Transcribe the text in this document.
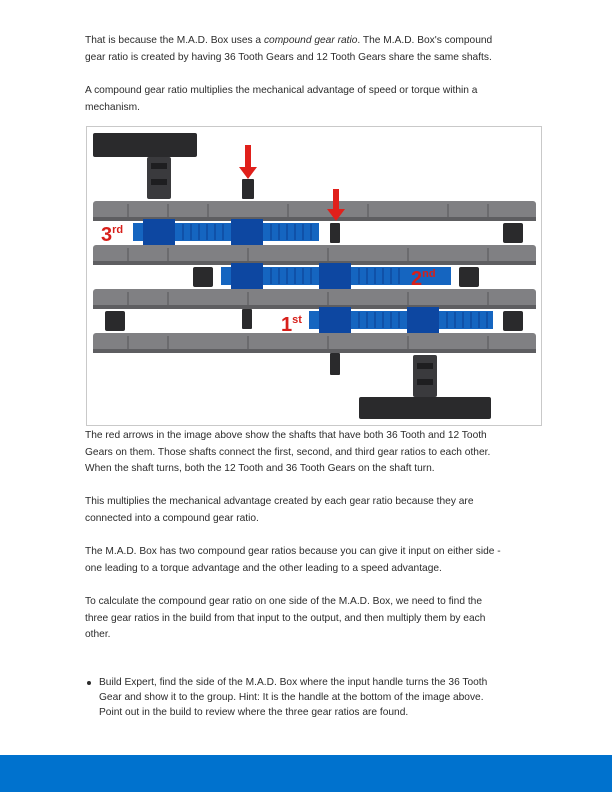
That is because the M.A.D. Box uses a compound gear ratio. The M.A.D. Box's compound
gear ratio is created by having 36 Tooth Gears and 12 Tooth Gears share the same shafts.

A compound gear ratio multiplies the mechanical advantage of speed or torque within a
mechanism.

3rd
2nd
1st

The red arrows in the image above show the shafts that have both 36 Tooth and 12 Tooth
Gears on them. Those shafts connect the first, second, and third gear ratios to each other.
When the shaft turns, both the 12 Tooth and 36 Tooth Gears on the shaft turn.

This multiplies the mechanical advantage created by each gear ratio because they are
connected into a compound gear ratio.

The M.A.D. Box has two compound gear ratios because you can give it input on either side -
one leading to a torque advantage and the other leading to a speed advantage.

To calculate the compound gear ratio on one side of the M.A.D. Box, we need to find the
three gear ratios in the build from that input to the output, and then multiply them by each
other.

Build Expert, find the side of the M.A.D. Box where the input handle turns the 36 Tooth
Gear and show it to the group. Hint: It is the handle at the bottom of the image above.
Point out in the build to review where the three gear ratios are found.
